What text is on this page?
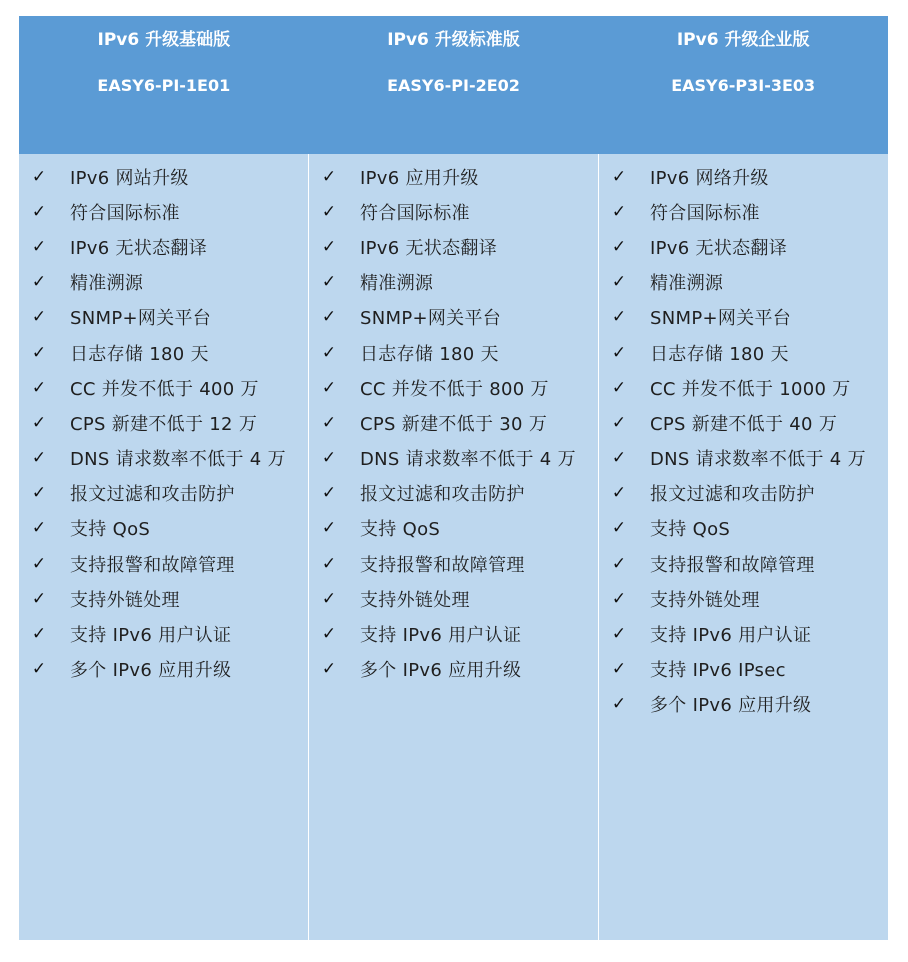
IPv6 升级基础版
EASY6-PI-1E01
IPv6 升级标准版
EASY6-PI-2E02
IPv6 升级企业版
EASY6-P3I-3E03
✓ IPv6 网站升级
✓ 符合国际标准
✓ IPv6 无状态翻译
✓ 精准溯源
✓ SNMP+网关平台
✓ 日志存储 180 天
✓ CC 并发不低于 400 万
✓ CPS 新建不低于 12 万
✓ DNS 请求数率不低于 4 万
✓ 报文过滤和攻击防护
✓ 支持 QoS
✓ 支持报警和故障管理
✓ 支持外链处理
✓ 支持 IPv6 用户认证
✓ 多个 IPv6 应用升级
✓ IPv6 应用升级
✓ 符合国际标准
✓ IPv6 无状态翻译
✓ 精准溯源
✓ SNMP+网关平台
✓ 日志存储 180 天
✓ CC 并发不低于 800 万
✓ CPS 新建不低于 30 万
✓ DNS 请求数率不低于 4 万
✓ 报文过滤和攻击防护
✓ 支持 QoS
✓ 支持报警和故障管理
✓ 支持外链处理
✓ 支持 IPv6 用户认证
✓ 多个 IPv6 应用升级
✓ IPv6 网络升级
✓ 符合国际标准
✓ IPv6 无状态翻译
✓ 精准溯源
✓ SNMP+网关平台
✓ 日志存储 180 天
✓ CC 并发不低于 1000 万
✓ CPS 新建不低于 40 万
✓ DNS 请求数率不低于 4 万
✓ 报文过滤和攻击防护
✓ 支持 QoS
✓ 支持报警和故障管理
✓ 支持外链处理
✓ 支持 IPv6 用户认证
✓ 支持 IPv6 IPsec
✓ 多个 IPv6 应用升级
